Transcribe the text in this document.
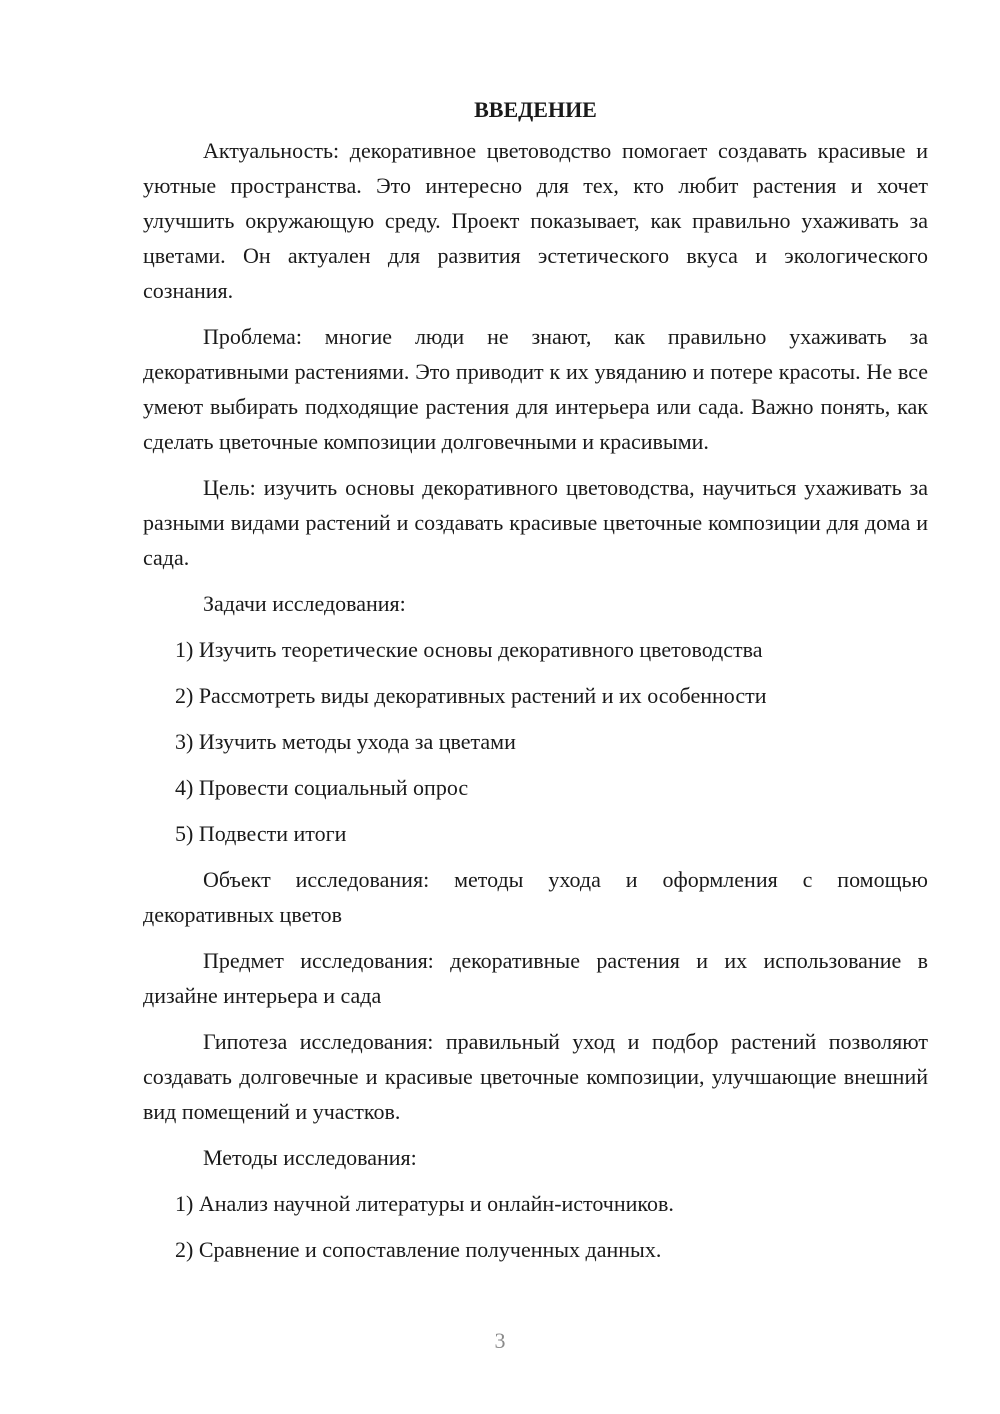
ВВЕДЕНИЕ

Актуальность: декоративное цветоводство помогает создавать красивые и уютные пространства. Это интересно для тех, кто любит растения и хочет улучшить окружающую среду. Проект показывает, как правильно ухаживать за цветами. Он актуален для развития эстетического вкуса и экологического сознания.

Проблема: многие люди не знают, как правильно ухаживать за декоративными растениями. Это приводит к их увяданию и потере красоты. Не все умеют выбирать подходящие растения для интерьера или сада. Важно понять, как сделать цветочные композиции долговечными и красивыми.

Цель: изучить основы декоративного цветоводства, научиться ухаживать за разными видами растений и создавать красивые цветочные композиции для дома и сада.

Задачи исследования:

1) Изучить теоретические основы декоративного цветоводства
2) Рассмотреть виды декоративных растений и их особенности
3) Изучить методы ухода за цветами
4) Провести социальный опрос
5) Подвести итоги

Объект исследования: методы ухода и оформления с помощью декоративных цветов

Предмет исследования: декоративные растения и их использование в дизайне интерьера и сада

Гипотеза исследования: правильный уход и подбор растений позволяют создавать долговечные и красивые цветочные композиции, улучшающие внешний вид помещений и участков.

Методы исследования:

1) Анализ научной литературы и онлайн-источников.
2) Сравнение и сопоставление полученных данных.
3
